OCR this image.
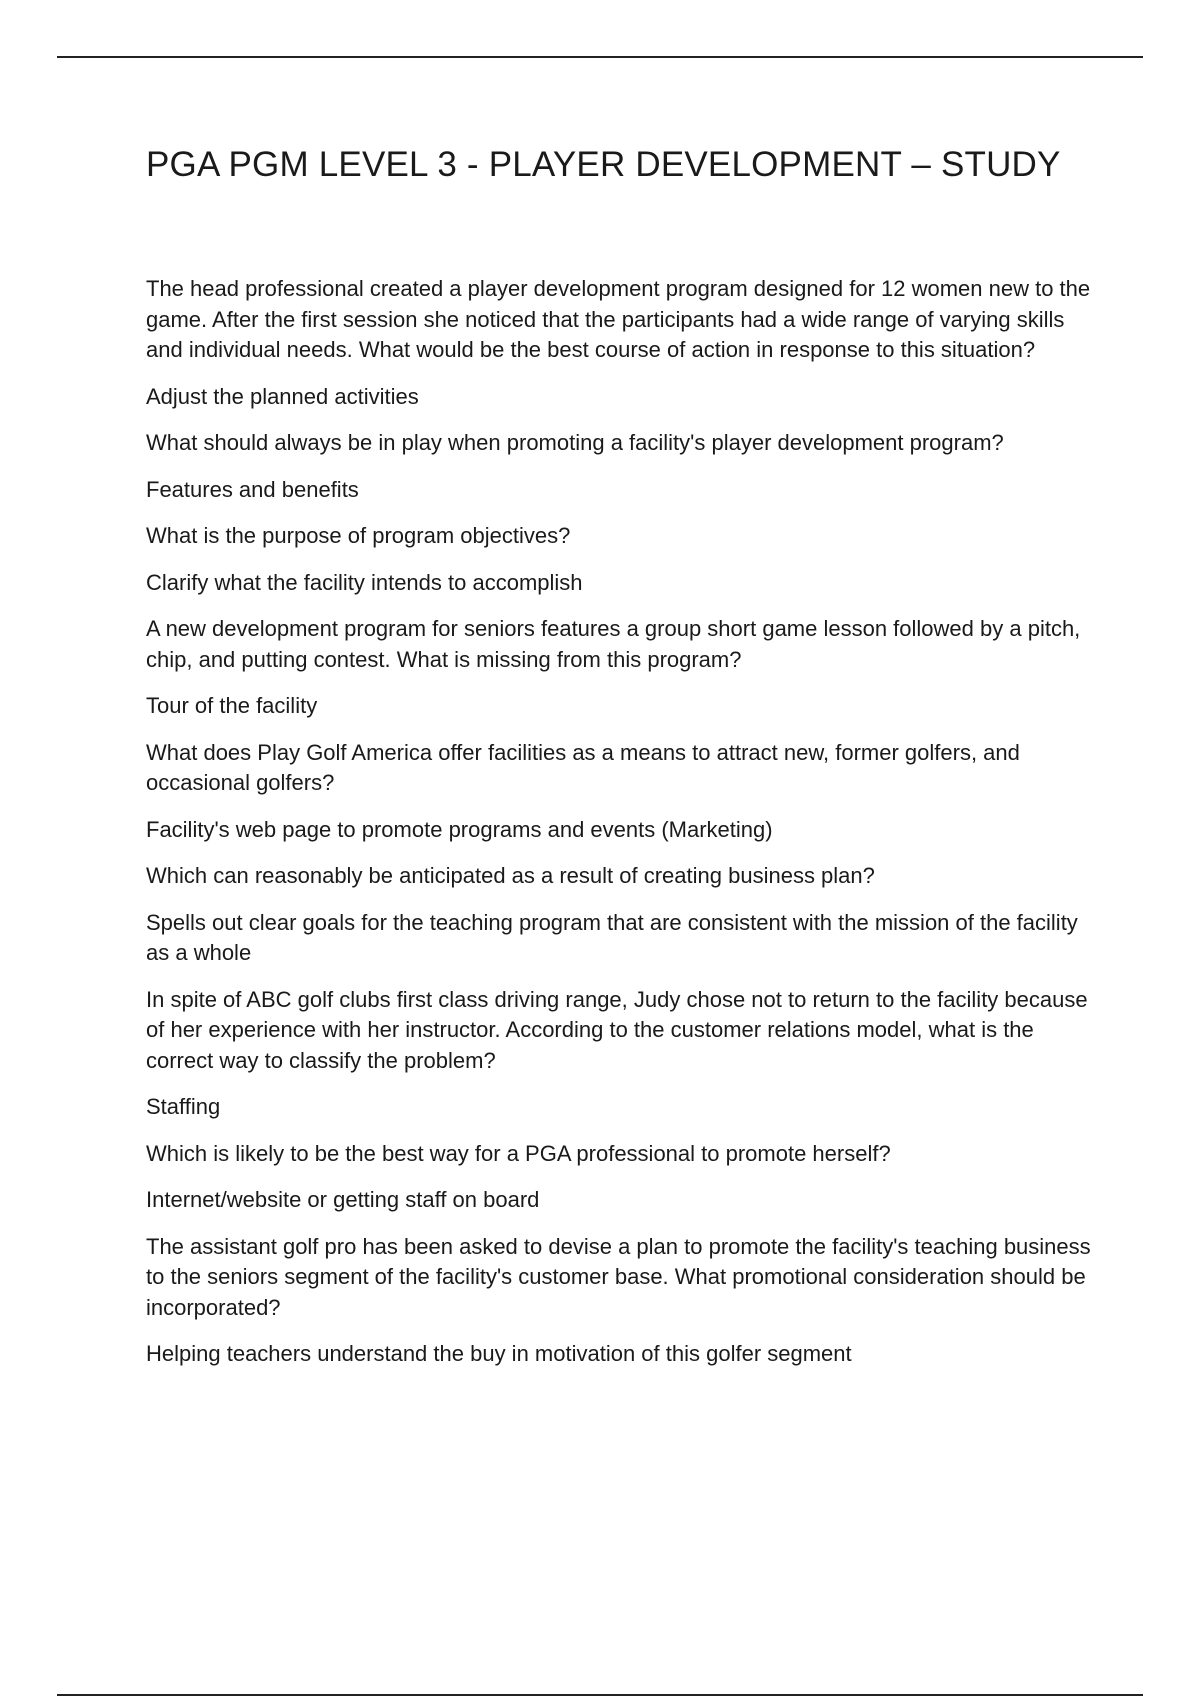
PGA PGM LEVEL 3 - PLAYER DEVELOPMENT – STUDY

The head professional created a player development program designed for 12 women new to the game. After the first session she noticed that the participants had a wide range of varying skills and individual needs. What would be the best course of action in response to this situation?

Adjust the planned activities

What should always be in play when promoting a facility's player development program?

Features and benefits

What is the purpose of program objectives?

Clarify what the facility intends to accomplish

A new development program for seniors features a group short game lesson followed by a pitch, chip, and putting contest. What is missing from this program?

Tour of the facility

What does Play Golf America offer facilities as a means to attract new, former golfers, and occasional golfers?

Facility's web page to promote programs and events (Marketing)

Which can reasonably be anticipated as a result of creating business plan?

Spells out clear goals for the teaching program that are consistent with the mission of the facility as a whole

In spite of ABC golf clubs first class driving range, Judy chose not to return to the facility because of her experience with her instructor. According to the customer relations model, what is the correct way to classify the problem?

Staffing

Which is likely to be the best way for a PGA professional to promote herself?

Internet/website or getting staff on board

The assistant golf pro has been asked to devise a plan to promote the facility's teaching business to the seniors segment of the facility's customer base. What promotional consideration should be incorporated?

Helping teachers understand the buy in motivation of this golfer segment
